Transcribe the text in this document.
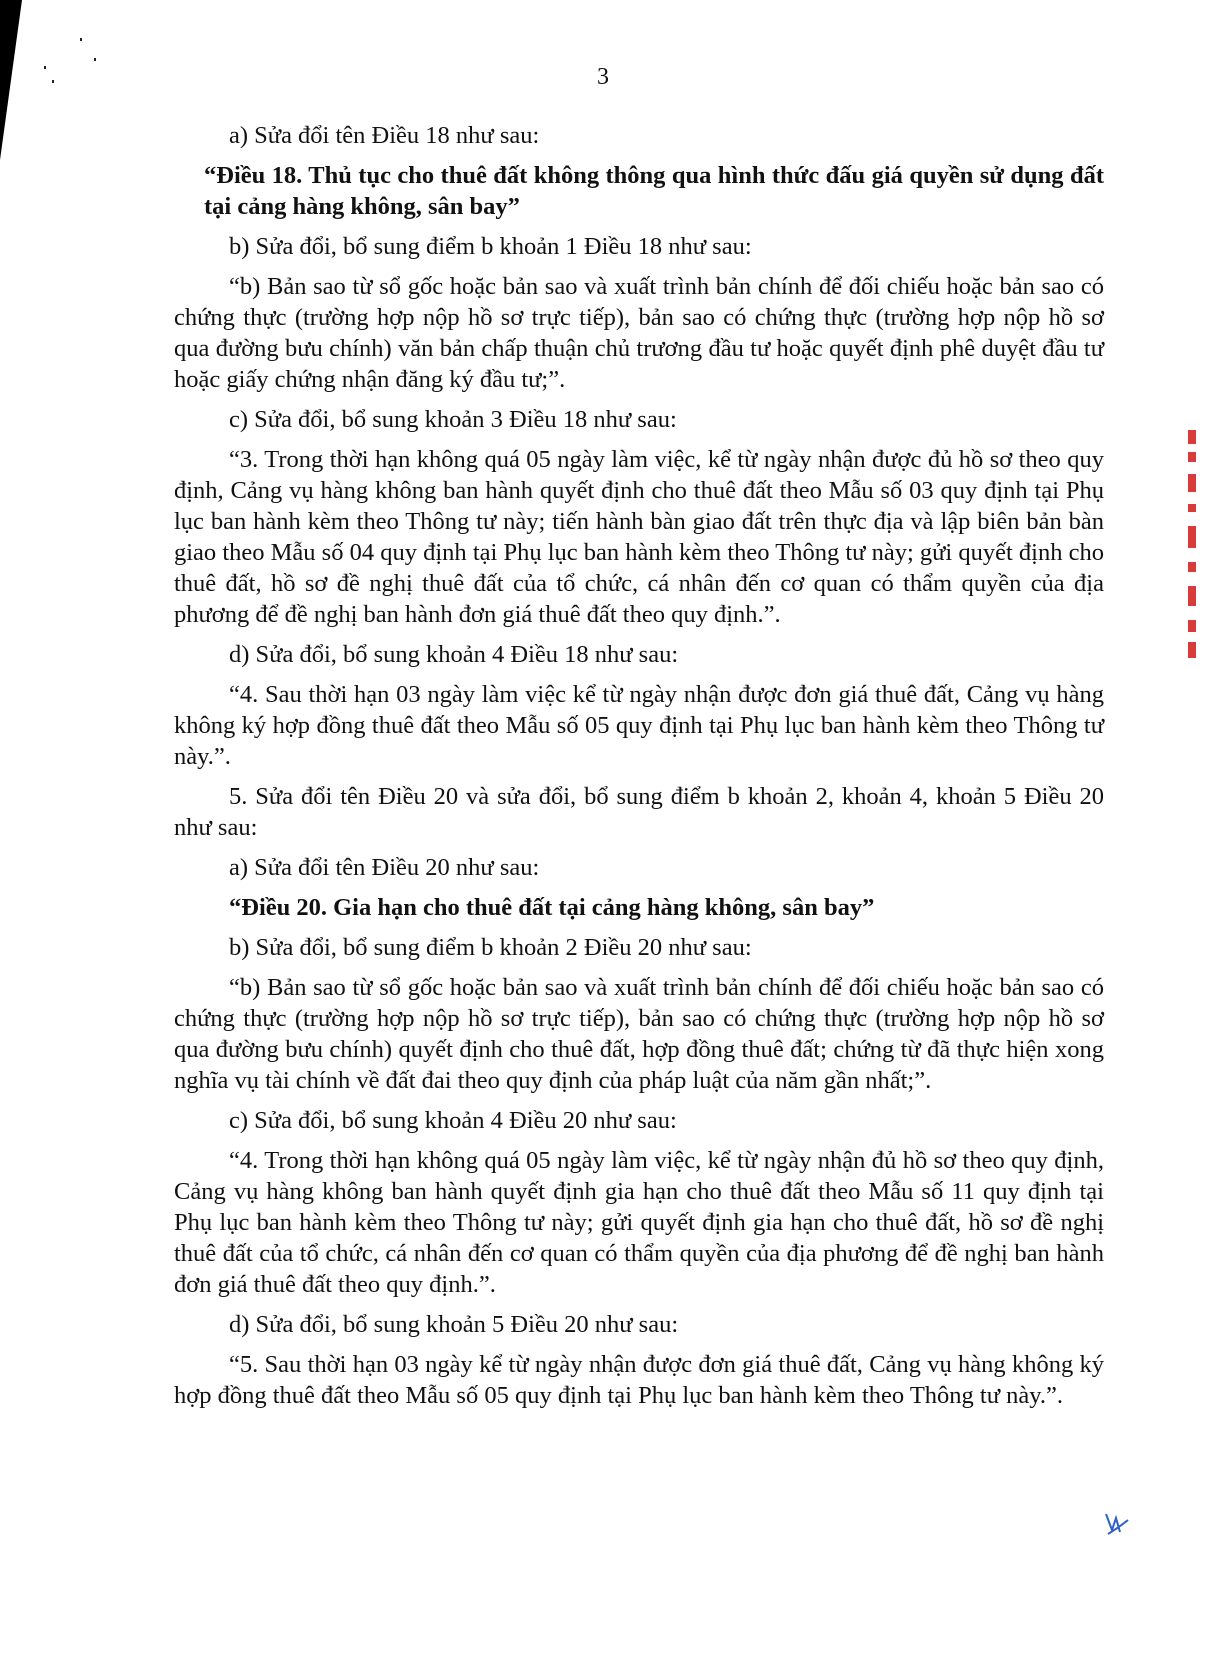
3

a) Sửa đổi tên Điều 18 như sau:

“Điều 18. Thủ tục cho thuê đất không thông qua hình thức đấu giá quyền sử dụng đất tại cảng hàng không, sân bay”

b) Sửa đổi, bổ sung điểm b khoản 1 Điều 18 như sau:

“b) Bản sao từ sổ gốc hoặc bản sao và xuất trình bản chính để đối chiếu hoặc bản sao có chứng thực (trường hợp nộp hồ sơ trực tiếp), bản sao có chứng thực (trường hợp nộp hồ sơ qua đường bưu chính) văn bản chấp thuận chủ trương đầu tư hoặc quyết định phê duyệt đầu tư hoặc giấy chứng nhận đăng ký đầu tư;”.

c) Sửa đổi, bổ sung khoản 3 Điều 18 như sau:

“3. Trong thời hạn không quá 05 ngày làm việc, kể từ ngày nhận được đủ hồ sơ theo quy định, Cảng vụ hàng không ban hành quyết định cho thuê đất theo Mẫu số 03 quy định tại Phụ lục ban hành kèm theo Thông tư này; tiến hành bàn giao đất trên thực địa và lập biên bản bàn giao theo Mẫu số 04 quy định tại Phụ lục ban hành kèm theo Thông tư này; gửi quyết định cho thuê đất, hồ sơ đề nghị thuê đất của tổ chức, cá nhân đến cơ quan có thẩm quyền của địa phương để đề nghị ban hành đơn giá thuê đất theo quy định.”.

d) Sửa đổi, bổ sung khoản 4 Điều 18 như sau:

“4. Sau thời hạn 03 ngày làm việc kể từ ngày nhận được đơn giá thuê đất, Cảng vụ hàng không ký hợp đồng thuê đất theo Mẫu số 05 quy định tại Phụ lục ban hành kèm theo Thông tư này.”.

5. Sửa đổi tên Điều 20 và sửa đổi, bổ sung điểm b khoản 2, khoản 4, khoản 5 Điều 20 như sau:

a) Sửa đổi tên Điều 20 như sau:

“Điều 20. Gia hạn cho thuê đất tại cảng hàng không, sân bay”

b) Sửa đổi, bổ sung điểm b khoản 2 Điều 20 như sau:

“b) Bản sao từ sổ gốc hoặc bản sao và xuất trình bản chính để đối chiếu hoặc bản sao có chứng thực (trường hợp nộp hồ sơ trực tiếp), bản sao có chứng thực (trường hợp nộp hồ sơ qua đường bưu chính) quyết định cho thuê đất, hợp đồng thuê đất; chứng từ đã thực hiện xong nghĩa vụ tài chính về đất đai theo quy định của pháp luật của năm gần nhất;”.

c) Sửa đổi, bổ sung khoản 4 Điều 20 như sau:

“4. Trong thời hạn không quá 05 ngày làm việc, kể từ ngày nhận đủ hồ sơ theo quy định, Cảng vụ hàng không ban hành quyết định gia hạn cho thuê đất theo Mẫu số 11 quy định tại Phụ lục ban hành kèm theo Thông tư này; gửi quyết định gia hạn cho thuê đất, hồ sơ đề nghị thuê đất của tổ chức, cá nhân đến cơ quan có thẩm quyền của địa phương để đề nghị ban hành đơn giá thuê đất theo quy định.”.

d) Sửa đổi, bổ sung khoản 5 Điều 20 như sau:

“5. Sau thời hạn 03 ngày kể từ ngày nhận được đơn giá thuê đất, Cảng vụ hàng không ký hợp đồng thuê đất theo Mẫu số 05 quy định tại Phụ lục ban hành kèm theo Thông tư này.”.
